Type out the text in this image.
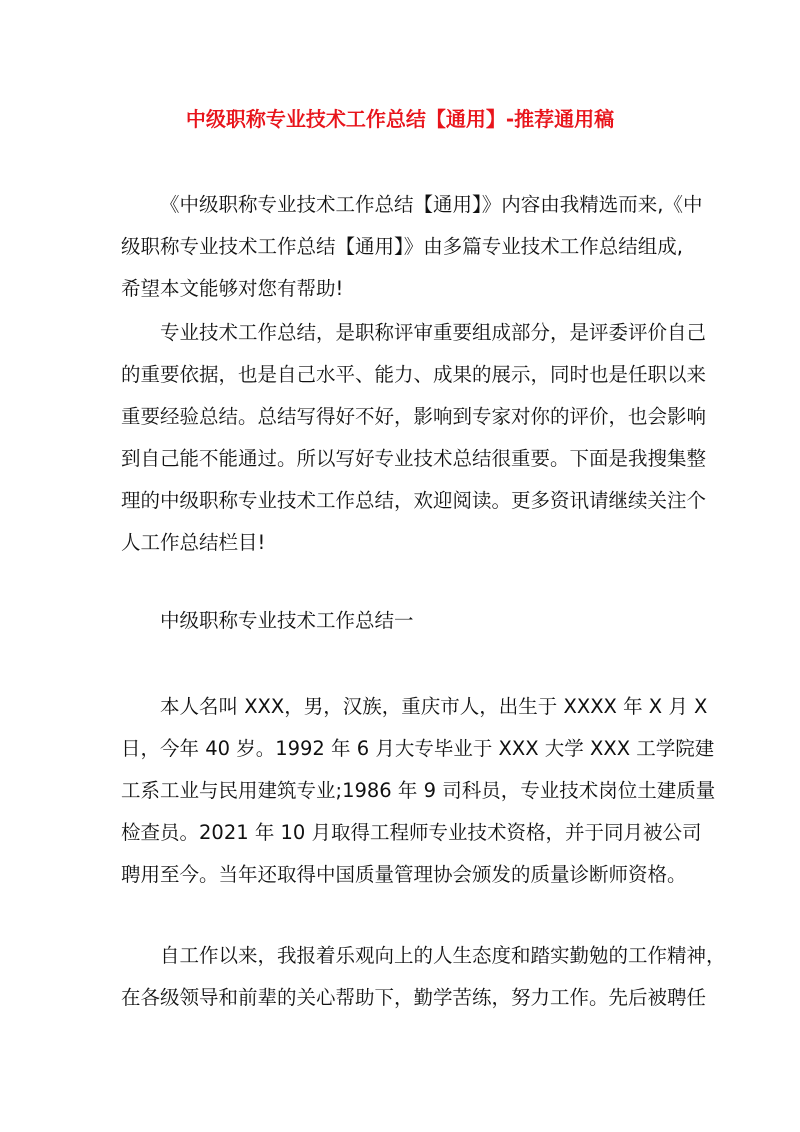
中级职称专业技术工作总结【通用】-推荐通用稿
《中级职称专业技术工作总结【通用】》内容由我精选而来,《中
级职称专业技术工作总结【通用】》由多篇专业技术工作总结组成,
希望本文能够对您有帮助!
专业技术工作总结，是职称评审重要组成部分，是评委评价自己
的重要依据，也是自己水平、能力、成果的展示，同时也是任职以来
重要经验总结。总结写得好不好，影响到专家对你的评价，也会影响
到自己能不能通过。所以写好专业技术总结很重要。下面是我搜集整
理的中级职称专业技术工作总结，欢迎阅读。更多资讯请继续关注个
人工作总结栏目!
中级职称专业技术工作总结一
本人名叫 XXX，男，汉族，重庆市人，出生于 XXXX 年 X 月 X
日，今年 40 岁。1992 年 6 月大专毕业于 XXX 大学 XXX 工学院建
工系工业与民用建筑专业;1986 年 9 司科员，专业技术岗位土建质量
检查员。2021 年 10 月取得工程师专业技术资格，并于同月被公司
聘用至今。当年还取得中国质量管理协会颁发的质量诊断师资格。
自工作以来，我报着乐观向上的人生态度和踏实勤勉的工作精神，
在各级领导和前辈的关心帮助下，勤学苦练，努力工作。先后被聘任
